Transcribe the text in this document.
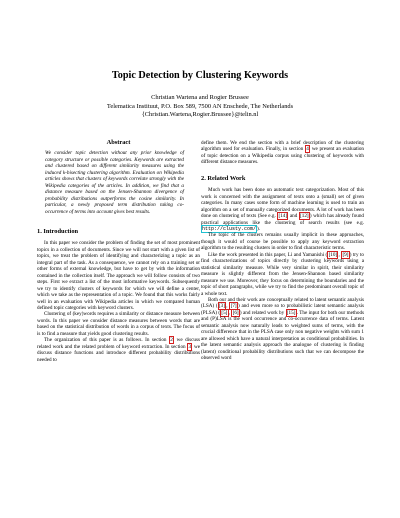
Topic Detection by Clustering Keywords
Christian Wartena and Rogier Brussee
Telematica Instituut, P.O. Box 589, 7500 AN Enschede, The Netherlands
{Christian.Wartena,Rogier.Brussee}@telin.nl
Abstract
We consider topic detection without any prior knowledge of category structure or possible categories. Keywords are extracted and clustered based on different similarity measures using the induced k-bisecting clustering algorithm. Evaluation on Wikipedia articles shows that clusters of keywords correlate strongly with the Wikipedia categories of the articles. In addition, we find that a distance measure based on the Jensen-Shannon divergence of probability distributions outperforms the cosine similarity. In particular, a newly proposed term distribution taking co-occurrence of terms into account gives best results.
1. Introduction

In this paper we consider the problem of finding the set of most prominent topics in a collection of documents. Since we will not start with a given list of topics, we treat the problem of identifying and characterizing a topic as an integral part of the task. As a consequence, we cannot rely on a training set or other forms of external knowledge, but have to get by with the information contained in the collection itself. The approach we will follow consists of two steps. First we extract a list of the most informative keywords. Subsequently we try to identify clusters of keywords for which we will define a center, which we take as the representation of a topic. We found that this works fairly well in an evaluation with Wikipedia articles in which we compared human defined topic categories with keyword clusters.

Clustering of (key)words requires a similarity or distance measure between words. In this paper we consider distance measures between words that are based on the statistical distribution of words in a corpus of texts. The focus of is to find a measure that yields good clustering results.

The organization of this paper is as follows. In section 2 we discuss related work and the related problem of keyword extraction. In section 3 we discuss distance functions and introduce different probability distributions needed to

define them. We end the section with a brief description of the clustering algorithm used for evaluation. Finally, in section 4 we present an evaluation of topic detection on a Wikipedia corpus using clustering of keywords with different distance measures.

2. Related Work

Much work has been done on automatic text categorization. Most of this work is concerned with the assignment of texts onto a (small) set of given categories. In many cases some form of machine learning is used to train an algorithm on a set of manually categorized documents. A lot of work has been done on clustering of texts (See e.g. [14] and [12]) which has already found practical applications like the clustering of search results (see e.g. http://clusty.com/).

The topic of the clusters remains usually implicit in these approaches, though it would of course be possible to apply any keyword extraction algorithm to the resulting clusters in order to find characteristic terms.

Like the work presented in this paper, Li and Yamanishi ([10], [9]) try to find characterizations of topics directly by clustering keywords using a statistical similarity measure. While very similar in spirit, their similarity measure is slightly different from the Jensen-Shannon based similarity measure we use. Moreover, they focus on determining the boundaries and the topic of short paragraphs, while we try to find the predominant overall topic of a whole text.

Both our and their work are conceptually related to latent semantic analysis (LSA) ([3], [7]) and even more so to probabilistic latent semantic analysis (PLSA) ([5], [6]) and related work by [15]. The input for both our methods and (P)LSA is the word occurrence and co-occurrence data of terms. Latent semantic analysis now naturally leads to weighted sums of terms, with the crucial difference that in the PLSA case only non negative weights with sum 1 are allowed which have a natural interpretation as conditional probabilities. In the latent semantic analysis approach the analogue of clustering is finding (latent) conditional probability distributions such that we can decompose the observed word
